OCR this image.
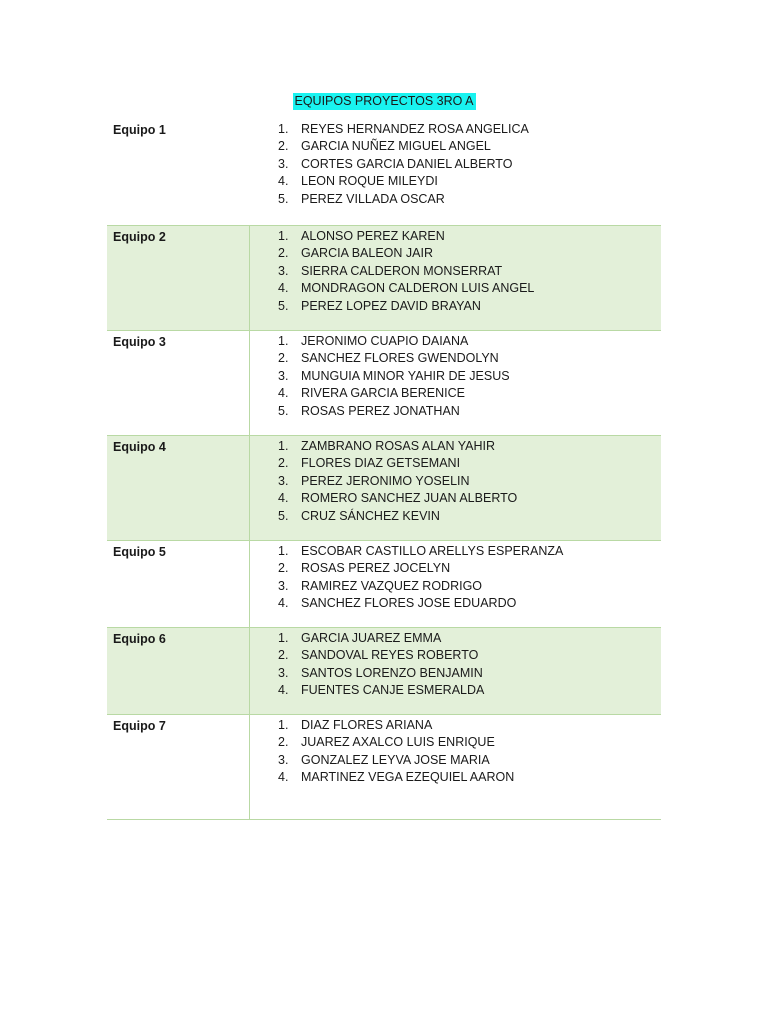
EQUIPOS PROYECTOS 3RO A
Equipo 1	1. REYES HERNANDEZ ROSA ANGELICA
2. GARCIA NUÑEZ MIGUEL ANGEL
3. CORTES GARCIA DANIEL ALBERTO
4. LEON ROQUE MILEYDI
5. PEREZ VILLADA OSCAR
Equipo 2	1. ALONSO PEREZ KAREN
2. GARCIA BALEON JAIR
3. SIERRA CALDERON MONSERRAT
4. MONDRAGON CALDERON LUIS ANGEL
5. PEREZ LOPEZ DAVID BRAYAN
Equipo 3	1. JERONIMO CUAPIO DAIANA
2. SANCHEZ FLORES GWENDOLYN
3. MUNGUIA MINOR YAHIR DE JESUS
4. RIVERA GARCIA BERENICE
5. ROSAS PEREZ JONATHAN
Equipo 4	1. ZAMBRANO ROSAS ALAN YAHIR
2. FLORES DIAZ GETSEMANI
3. PEREZ JERONIMO YOSELIN
4. ROMERO SANCHEZ JUAN ALBERTO
5. CRUZ SÁNCHEZ KEVIN
Equipo 5	1. ESCOBAR CASTILLO ARELLYS ESPERANZA
2. ROSAS PEREZ JOCELYN
3. RAMIREZ VAZQUEZ RODRIGO
4. SANCHEZ FLORES JOSE EDUARDO
Equipo 6	1. GARCIA JUAREZ EMMA
2. SANDOVAL REYES ROBERTO
3. SANTOS LORENZO BENJAMIN
4. FUENTES CANJE ESMERALDA
Equipo 7	1. DIAZ FLORES ARIANA
2. JUAREZ AXALCO LUIS ENRIQUE
3. GONZALEZ LEYVA JOSE MARIA
4. MARTINEZ VEGA EZEQUIEL AARON
